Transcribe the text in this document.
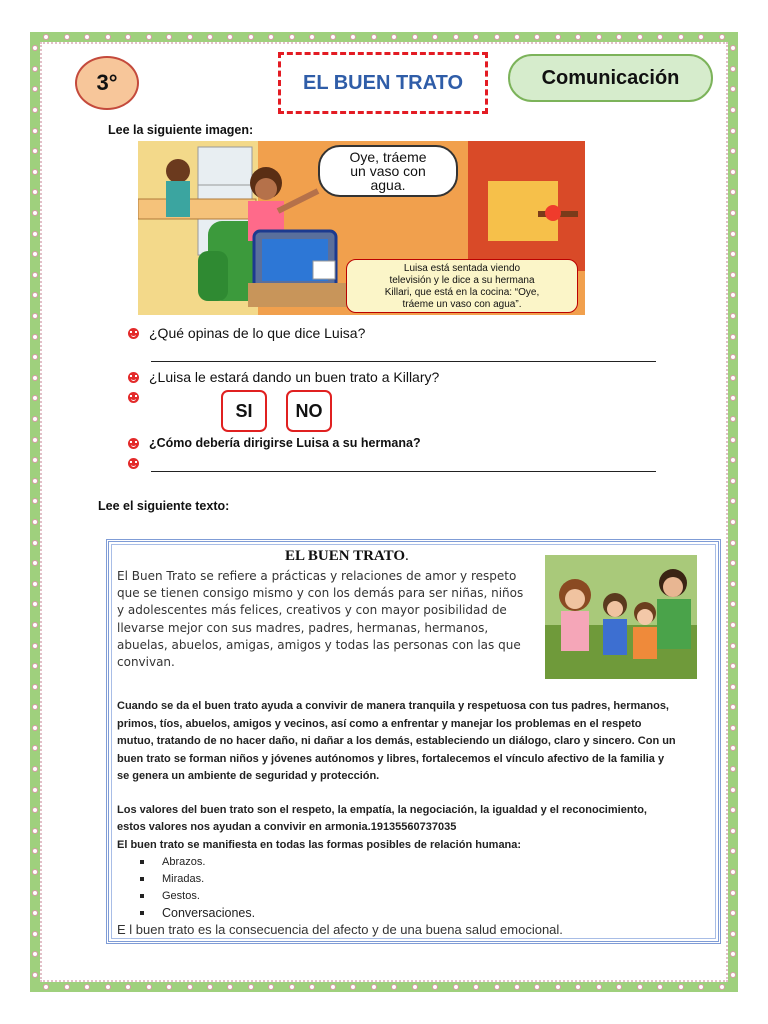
3°	EL BUEN TRATO	Comunicación
Lee la siguiente imagen:
Oye, tráeme
un vaso con
agua.
Luisa está sentada viendo
televisión y le dice a su hermana
Killari, que está en la cocina: “Oye,
tráeme un vaso con agua”.
¿Qué opinas de lo que dice Luisa?
¿Luisa le estará dando un buen trato a Killary?
SI	NO
¿Cómo debería dirigirse Luisa a su hermana?
Lee el siguiente texto:
EL BUEN TRATO.
El Buen Trato se refiere a prácticas y relaciones de amor y respeto
que se tienen consigo mismo y con los demás para ser niñas, niños
y adolescentes más felices, creativos y con mayor posibilidad de
llevarse mejor con sus madres, padres, hermanas, hermanos,
abuelas, abuelos, amigas, amigos y todas las personas con las que
convivan.
Cuando se da el buen trato ayuda a convivir de manera tranquila y respetuosa con tus padres, hermanos,
primos, tíos, abuelos, amigos y vecinos, así como a enfrentar y manejar los problemas en el respeto
mutuo, tratando de no hacer daño, ni dañar a los demás, estableciendo un diálogo, claro y sincero. Con un
buen trato se forman niños y jóvenes autónomos y libres, fortalecemos el vínculo afectivo de la familia y
se genera un ambiente de seguridad y protección.
Los valores del buen trato son el respeto, la empatía, la negociación, la igualdad y el reconocimiento,
estos valores nos ayudan a convivir en armonia.19135560737035
El buen trato se manifiesta en todas las formas posibles de relación humana:
Abrazos.
Miradas.
Gestos.
Conversaciones.
E l buen trato es la consecuencia del afecto y de una buena salud emocional.
